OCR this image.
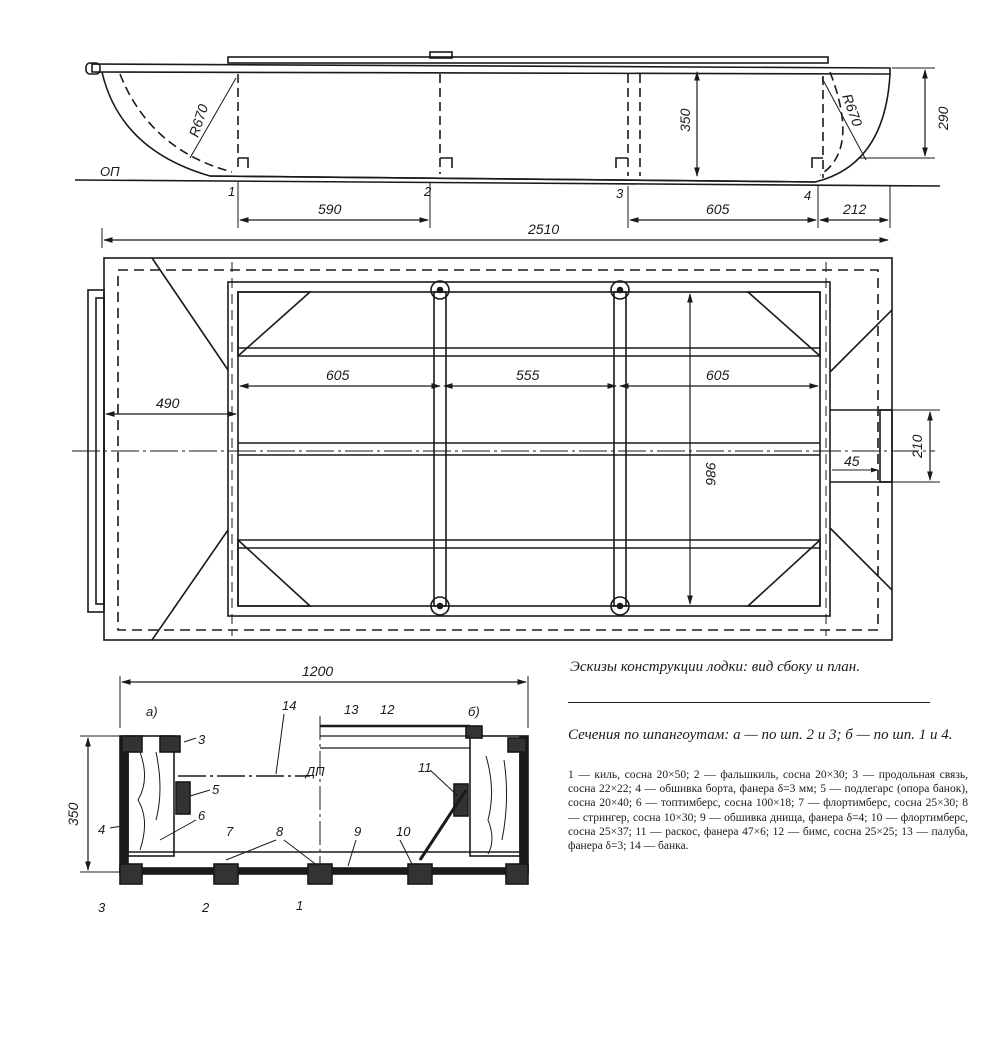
ОП
R670	R670
1	2	3	4
590	605	212
350	290
2510
490
605	555	605
986
45
210
1200
350
а)	б)
ДП
3
5
4
6
7	8	9	10
3	2	1
14	13 12
11
Эскизы конструкции лодки: вид сбоку и план.
Сечения по шпангоутам: а — по шп. 2 и 3; б — по шп. 1 и 4.
1 — киль, сосна 20×50; 2 — фальшкиль, сосна 20×30; 3 — продольная связь, сосна 22×22; 4 — обшивка борта, фанера δ=3 мм; 5 — подлегарс (опора банок), сосна 20×40; 6 — топтимберс, сосна 100×18; 7 — флортимберс, сосна 25×30; 8 — стрингер, сосна 10×30; 9 — обшивка днища, фанера δ=4; 10 — флортимберс, сосна 25×37; 11 — раскос, фанера 47×6; 12 — бимс, сосна 25×25; 13 — палуба, фанера δ=3; 14 — банка.
